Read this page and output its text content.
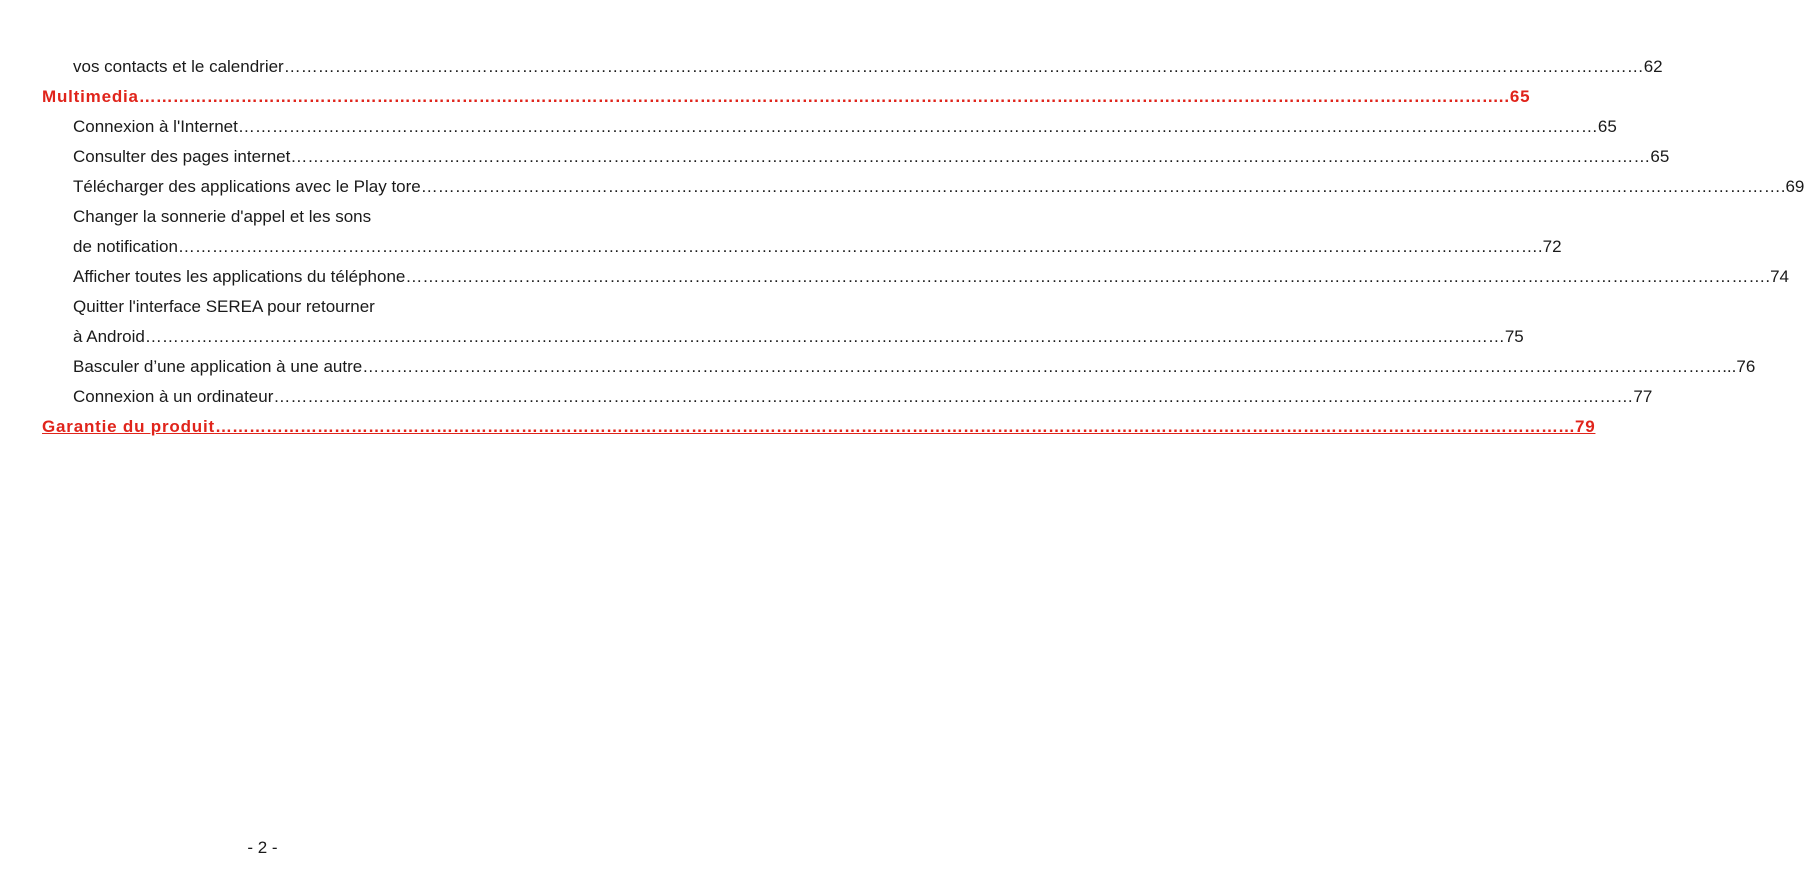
vos contacts et le calendrier …………………………………………………………………………………………………………………………………………………………………………………………………………………… 62
Multimedia …………………………………………………………………………………………………………………………………………………………………………………………………………………… ..65
Connexion à l'Internet …………………………………………………………………………………………………………………………………………………………………………………………………………………… 65
Consulter des pages internet …………………………………………………………………………………………………………………………………………………………………………………………………………………… 65
Télécharger des applications avec le Play tore …………………………………………………………………………………………………………………………………………………………………………………………………………………… .69
Changer la sonnerie d'appel et les sons
de notification …………………………………………………………………………………………………………………………………………………………………………………………………………………… .72
Afficher toutes les applications du téléphone …………………………………………………………………………………………………………………………………………………………………………………………………………………… .74
Quitter l'interface SEREA pour retourner
à Android …………………………………………………………………………………………………………………………………………………………………………………………………………………… 75
Basculer d’une application à une autre …………………………………………………………………………………………………………………………………………………………………………………………………………………… ...76
Connexion à un ordinateur …………………………………………………………………………………………………………………………………………………………………………………………………………………… 77
Garantie du produit …………………………………………………………………………………………………………………………………………………………………………………………………………………… 79
- 2 -
